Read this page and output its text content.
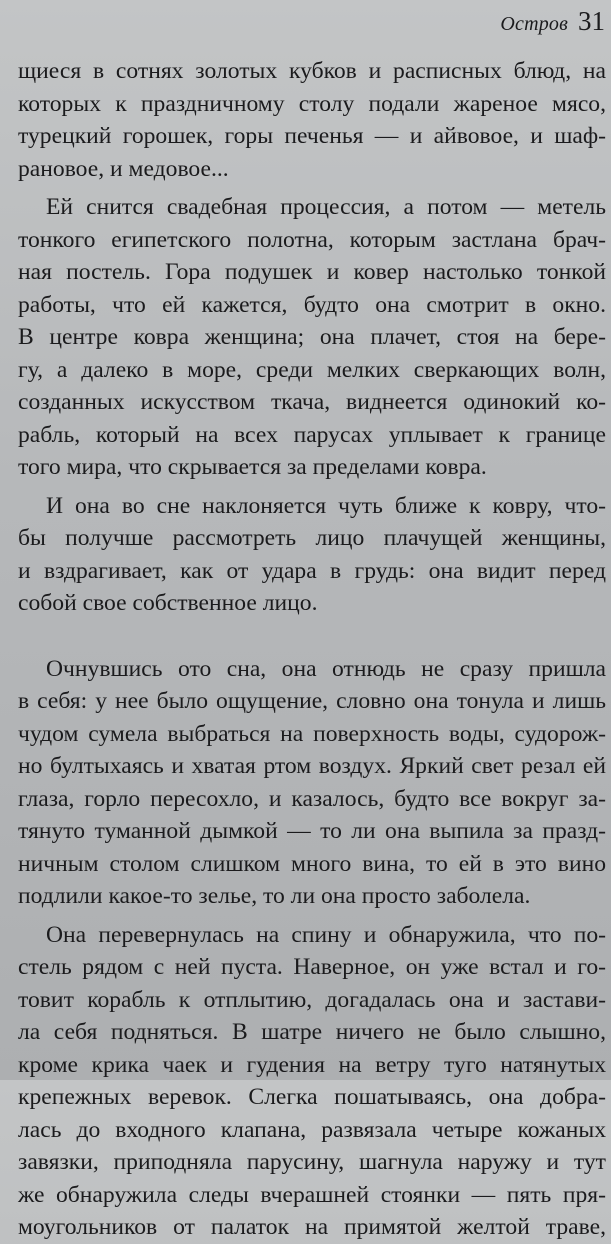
Остров 31
щиеся в сотнях золотых кубков и расписных блюд, на
которых к праздничному столу подали жареное мясо,
турецкий горошек, горы печенья — и айвовое, и шаф-
рановое, и медовое...
Ей снится свадебная процессия, а потом — метель
тонкого египетского полотна, которым застлана брач-
ная постель. Гора подушек и ковер настолько тонкой
работы, что ей кажется, будто она смотрит в окно.
В центре ковра женщина; она плачет, стоя на бере-
гу, а далеко в море, среди мелких сверкающих волн,
созданных искусством ткача, виднеется одинокий ко-
рабль, который на всех парусах уплывает к границе
того мира, что скрывается за пределами ковра.
И она во сне наклоняется чуть ближе к ковру, что-
бы получше рассмотреть лицо плачущей женщины,
и вздрагивает, как от удара в грудь: она видит перед
собой свое собственное лицо.
Очнувшись ото сна, она отнюдь не сразу пришла
в себя: у нее было ощущение, словно она тонула и лишь
чудом сумела выбраться на поверхность воды, судорож-
но бултыхаясь и хватая ртом воздух. Яркий свет резал ей
глаза, горло пересохло, и казалось, будто все вокруг за-
тянуто туманной дымкой — то ли она выпила за празд-
ничным столом слишком много вина, то ей в это вино
подлили какое-то зелье, то ли она просто заболела.
Она перевернулась на спину и обнаружила, что по-
стель рядом с ней пуста. Наверное, он уже встал и го-
товит корабль к отплытию, догадалась она и застави-
ла себя подняться. В шатре ничего не было слышно,
кроме крика чаек и гудения на ветру туго натянутых
крепежных веревок. Слегка пошатываясь, она добра-
лась до входного клапана, развязала четыре кожаных
завязки, приподняла парусину, шагнула наружу и тут
же обнаружила следы вчерашней стоянки — пять пря-
моугольников от палаток на примятой желтой траве,
